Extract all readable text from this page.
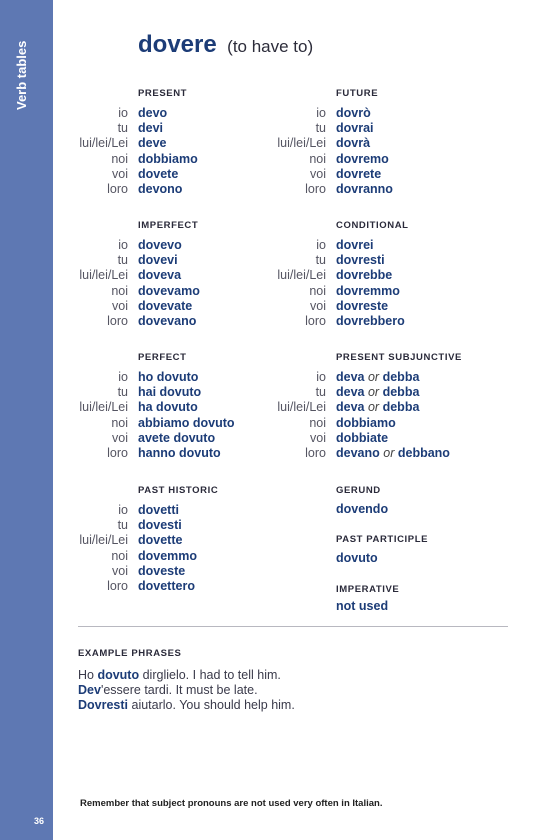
Verb tables
36
dovere (to have to)
PRESENT
io devo
tu devi
lui/lei/Lei deve
noi dobbiamo
voi dovete
loro devono
FUTURE
io dovrò
tu dovrai
lui/lei/Lei dovrà
noi dovremo
voi dovrete
loro dovranno
IMPERFECT
io dovevo
tu dovevi
lui/lei/Lei doveva
noi dovevamo
voi dovevate
loro dovevano
CONDITIONAL
io dovrei
tu dovresti
lui/lei/Lei dovrebbe
noi dovremmo
voi dovreste
loro dovrebbero
PERFECT
io ho dovuto
tu hai dovuto
lui/lei/Lei ha dovuto
noi abbiamo dovuto
voi avete dovuto
loro hanno dovuto
PRESENT SUBJUNCTIVE
io deva or debba
tu deva or debba
lui/lei/Lei deva or debba
noi dobbiamo
voi dobbiate
loro devano or debbano
PAST HISTORIC
io dovetti
tu dovesti
lui/lei/Lei dovette
noi dovemmo
voi doveste
loro dovettero
GERUND
dovendo
PAST PARTICIPLE
dovuto
IMPERATIVE
not used
EXAMPLE PHRASES
Ho dovuto dirglielo. I had to tell him.
Dev'essere tardi. It must be late.
Dovresti aiutarlo. You should help him.
Remember that subject pronouns are not used very often in Italian.
